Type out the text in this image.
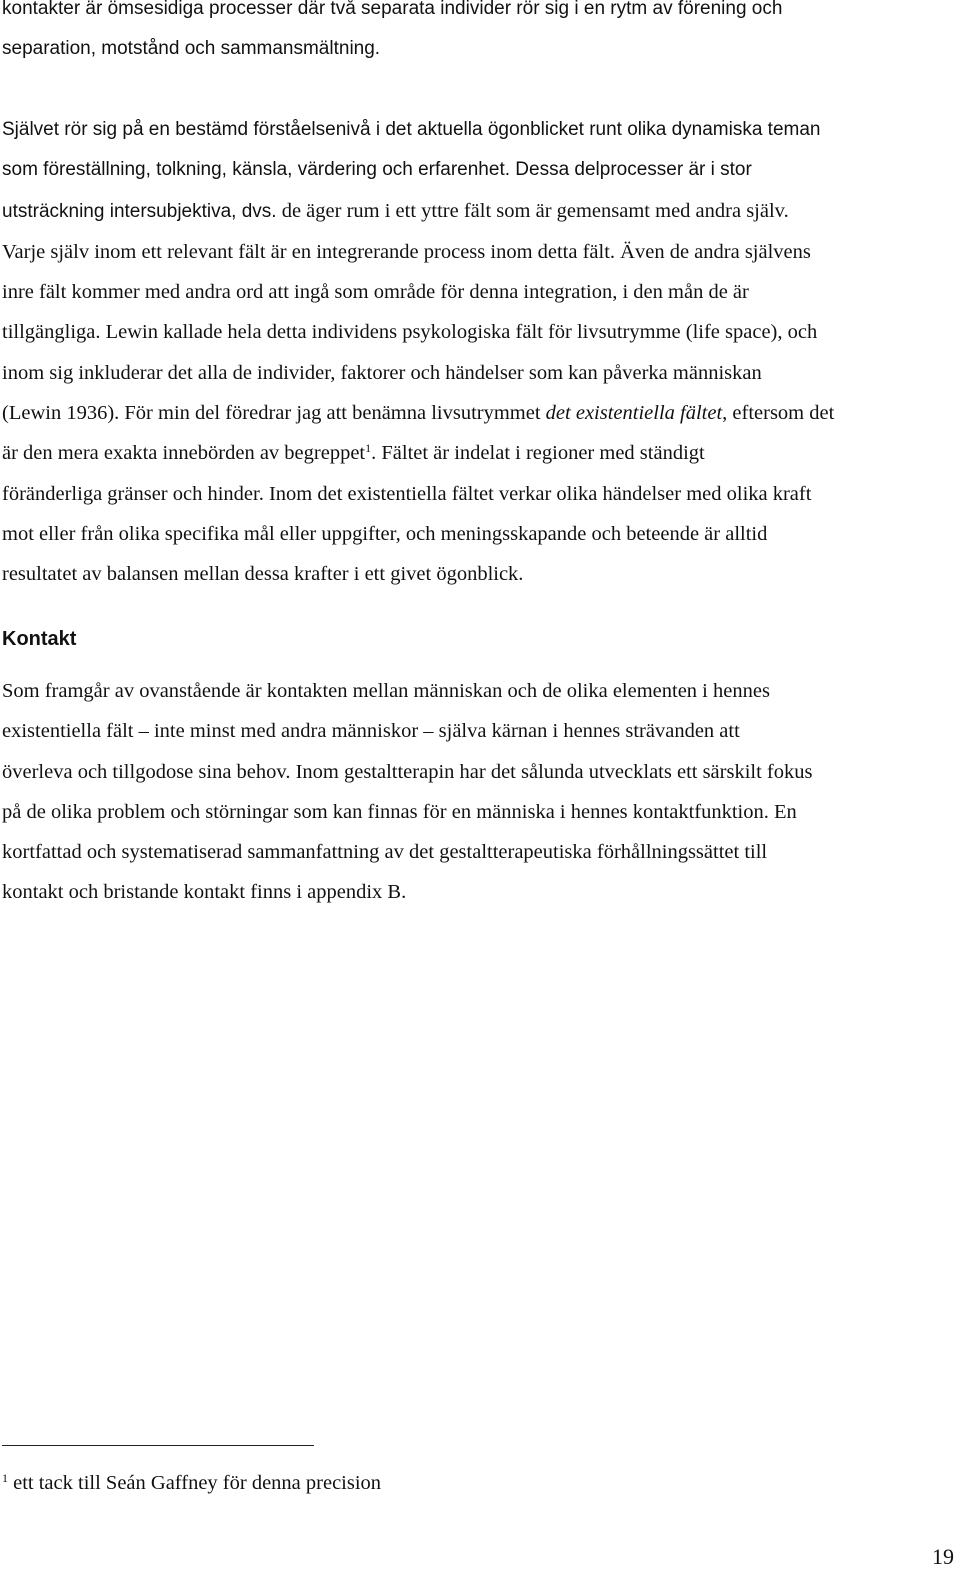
kontakter är ömsesidiga processer där två separata individer rör sig i en rytm av förening och
separation, motstånd och sammansmältning.

Självet rör sig på en bestämd förståelsenivå i det aktuella ögonblicket runt olika dynamiska teman
som föreställning, tolkning, känsla, värdering och erfarenhet. Dessa delprocesser är i stor
utsträckning intersubjektiva, dvs. de äger rum i ett yttre fält som är gemensamt med andra själv.
Varje själv inom ett relevant fält är en integrerande process inom detta fält. Även de andra självens
inre fält kommer med andra ord att ingå som område för denna integration, i den mån de är
tillgängliga. Lewin kallade hela detta individens psykologiska fält för livsutrymme (life space), och
inom sig inkluderar det alla de individer, faktorer och händelser som kan påverka människan
(Lewin 1936). För min del föredrar jag att benämna livsutrymmet det existentiella fältet, eftersom det
är den mera exakta innebörden av begreppet$^1$. Fältet är indelat i regioner med ständigt
föränderliga gränser och hinder. Inom det existentiella fältet verkar olika händelser med olika kraft
mot eller från olika specifika mål eller uppgifter, och meningsskapande och beteende är alltid
resultatet av balansen mellan dessa krafter i ett givet ögonblick.

Kontakt

Som framgår av ovanstående är kontakten mellan människan och de olika elementen i hennes
existentiella fält – inte minst med andra människor – själva kärnan i hennes strävanden att
överleva och tillgodose sina behov. Inom gestaltterapin har det sålunda utvecklats ett särskilt fokus
på de olika problem och störningar som kan finnas för en människa i hennes kontaktfunktion. En
kortfattad och systematiserad sammanfattning av det gestaltterapeutiska förhållningssättet till
kontakt och bristande kontakt finns i appendix B.

$^1$ ett tack till Seán Gaffney för denna precision

19
